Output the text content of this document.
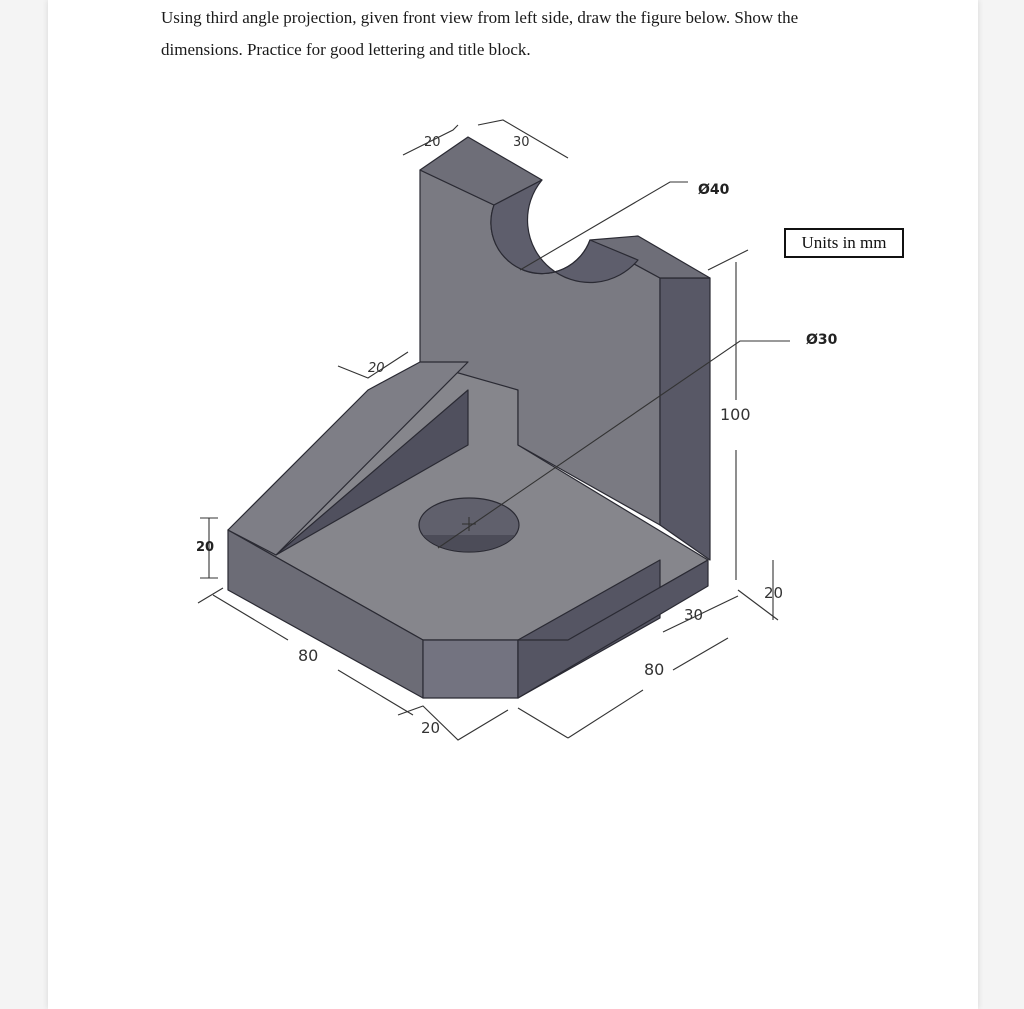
Using third angle projection, given front view from left side, draw the figure below. Show the
dimensions. Practice for good lettering and title block.

20	30
Ø40
Ø30
100
20
20
80
80
20
30
20
Units in mm
